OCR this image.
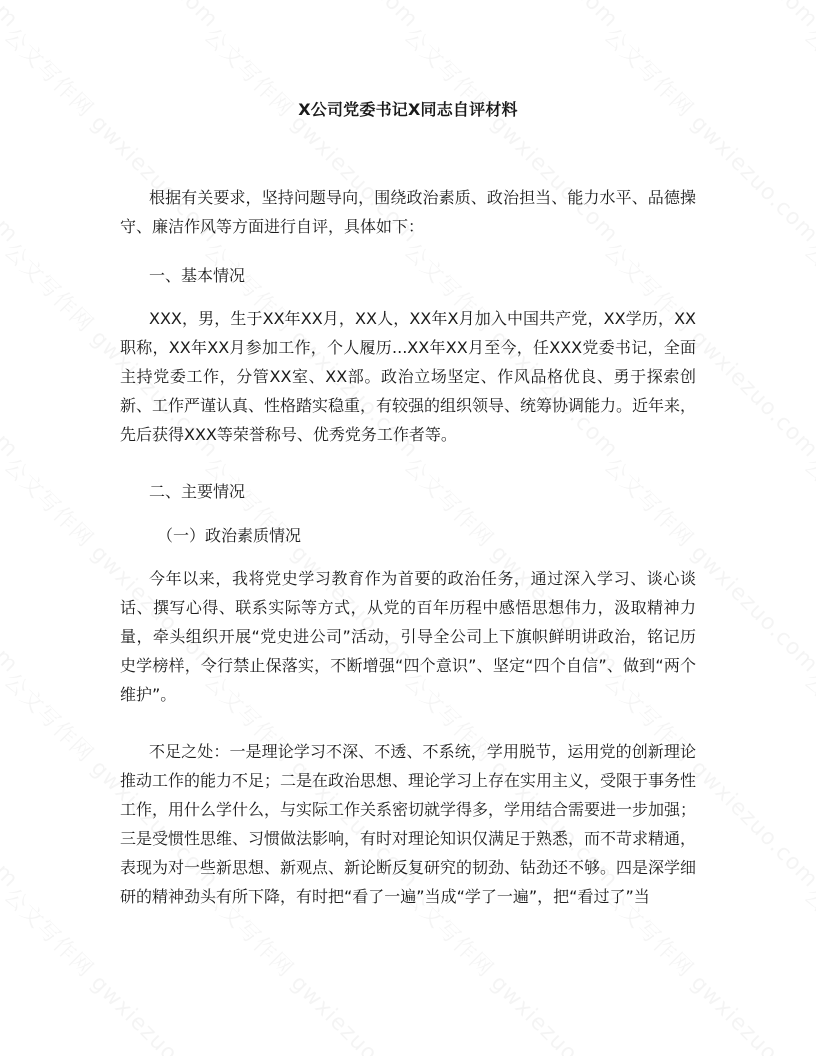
X公司党委书记X同志自评材料

根据有关要求，坚持问题导向，围绕政治素质、政治担当、能力水平、品德操守、廉洁作风等方面进行自评，具体如下：

一、基本情况

XXX，男，生于XX年XX月，XX人，XX年X月加入中国共产党，XX学历，XX职称，XX年XX月参加工作，个人履历...XX年XX月至今，任XXX党委书记，全面主持党委工作，分管XX室、XX部。政治立场坚定、作风品格优良、勇于探索创新、工作严谨认真、性格踏实稳重，有较强的组织领导、统筹协调能力。近年来，先后获得XXX等荣誉称号、优秀党务工作者等。

二、主要情况

（一）政治素质情况

今年以来，我将党史学习教育作为首要的政治任务，通过深入学习、谈心谈话、撰写心得、联系实际等方式，从党的百年历程中感悟思想伟力，汲取精神力量，牵头组织开展“党史进公司”活动，引导全公司上下旗帜鲜明讲政治，铭记历史学榜样，令行禁止保落实，不断增强“四个意识”、坚定“四个自信”、做到“两个维护”。

不足之处：一是理论学习不深、不透、不系统，学用脱节，运用党的创新理论推动工作的能力不足；二是在政治思想、理论学习上存在实用主义，受限于事务性工作，用什么学什么，与实际工作关系密切就学得多，学用结合需要进一步加强；三是受惯性思维、习惯做法影响，有时对理论知识仅满足于熟悉，而不苛求精通，表现为对一些新思想、新观点、新论断反复研究的韧劲、钻劲还不够。四是深学细研的精神劲头有所下降，有时把“看了一遍”当成“学了一遍”，把“看过了”当
